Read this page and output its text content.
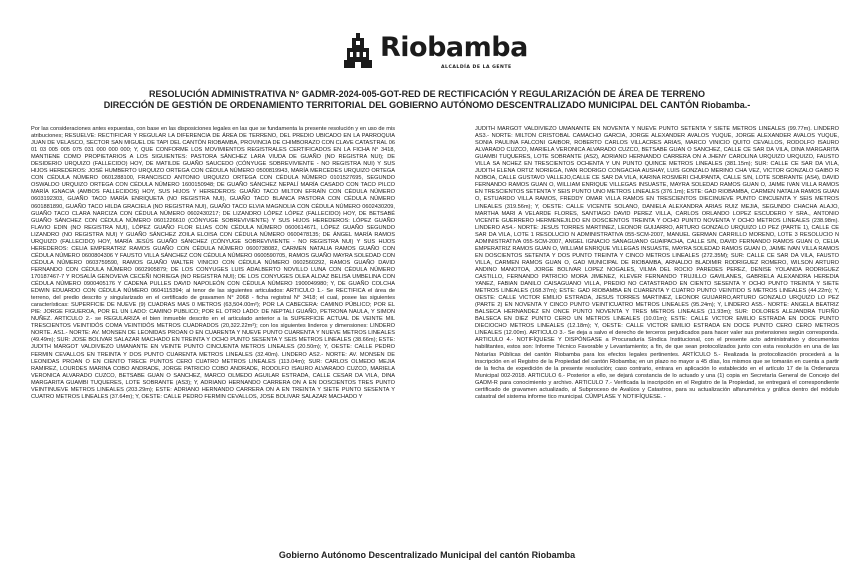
Riobamba
ALCALDÍA DE LA GENTE
RESOLUCIÓN ADMINISTRATIVA N° GADMR-2024-005-GOT-RED DE RECTIFICACIÓN Y REGULARIZACIÓN DE ÁREA DE TERRENO
DIRECCIÓN DE GESTIÓN DE ORDENAMIENTO TERRITORIAL DEL GOBIERNO AUTÓNOMO DESCENTRALIZADO MUNICIPAL DEL CANTÓN Riobamba.-
Por las consideraciones antes expuestas, con base en las disposiciones legales en las que se fundamenta la presente resolución y en uso de mis atribuciones; RESUELVE: RECTIFICAR Y REGULAR LA DIFERENCIA DE ÁREA DE TERRENO, DEL PREDIO UBICADO EN LA PARROQUIA JUAN DE VELASCO, SECTOR SAN MIGUEL DE TAPI DEL CANTÓN RIOBAMBA, PROVINCIA DE CHIMBORAZO CON CLAVE CATASTRAL 06 01 03 005 005 075 031 000 000 000; Y, QUE CONFORME LOS MOVIMIENTOS REGISTRALES CERTIFICADOS EN LA FICHA N° 3418, MANTIENE COMO PROPIETARIOS A LOS SIGUIENTES: PASTORA SÁNCHEZ LARA VIUDA DE GUAÑO (NO REGISTRA NUI); DE DESIDERIO URQUIZO (FALLECIDO) HOY, DE MATILDE GUAÑO SAUCEDO (CÓNYUGE SOBREVIVIENTE - NO REGISTRA NUI) Y SUS HIJOS HEREDEROS: JOSÉ HUMBERTO URQUIZO ORTEGA CON CÉDULA NÚMERO 0500819943, MARÍA MERCEDES URQUIZO ORTEGA CON CÉDULA NÚMERO 0601288100, FRANCISCO ANTONIO URQUIZO ORTEGA CON CÉDULA NÚMERO 0101527695, SEGUNDO OSWALDO URQUIZO ORTEGA CON CÉDULA NÚMERO 1600150948; DE GUAÑO SÁNCHEZ NEPALÍ MARÍA CASADO CON TACO PILCO MARÍA IGNACIA (AMBOS FALLECIDOS) HOY, SUS HIJOS Y HEREDEROS: GUAÑO TACO MILTON EFRAÍN CON CÉDULA NÚMERO 0603192303, GUAÑO TACO MARÍA ENRIQUETA (NO REGISTRA NUI), GUAÑO TACO BLANCA PASTORA CON CÉDULA NÚMERO 0601881890, GUAÑO TACO HILDA GRACIELA (NO REGISTRA NUI), GUAÑO TACO ELVIA MAGNOLIA CON CÉDULA NÚMERO 0602430209, GUAÑO TACO CLARA NARCIZA CON CÉDULA NÚMERO 0602430217; DE LIZANDRO LÓPEZ LÓPEZ (FALLECIDO) HOY, DE BETSABÉ GUAÑO SÁNCHEZ CON CÉDULA NÚMERO 0601226610 (CÓNYUGE SOBREVIVIENTE) Y SUS HIJOS HEREDEROS: LÓPEZ GUAÑO FLAVIO EDIN (NO REGISTRA NUI), LÓPEZ GUAÑO FLOR ELIAS CON CÉDULA NÚMERO 0600614671, LÓPEZ GUAÑO SEGUNDO LIZANDRO (NO REGISTRA NUI) Y GUAÑO SÁNCHEZ ZOILA ELOISA CON CÉDULA NÚMERO 0600478135; DE ÁNGEL MARÍA RAMOS URQUIZO (FALLECIDO) HOY, MARÍA JESÚS GUAÑO SÁNCHEZ (CÓNYUGE SOBREVIVIENTE - NO REGISTRA NUI) Y SUS HIJOS HEREDEROS: CELIA EMPERATRIZ RAMOS GUAÑO CON CÉDULA NÚMERO 0600738082, CARMEN NATALIA RAMOS GUAÑO CON CÉDULA NÚMERO 0600804306 Y FAUSTO VILLA SÁNCHEZ CON CÉDULA NÚMERO 0600590705, RAMOS GUAÑO MAYRA SOLEDAD CON CÉDULA NÚMERO 0603759590, RAMOS GUAÑO WALTER VINICIO CON CÉDULA NÚMERO 0602560292, RAMOS GUAÑO DAVID FERNANDO CON CÉDULA NÚMERO 0602905879; DE LOS CONYUGES LUIS ADALBERTO NOVILLO LUNA CON CÉDULA NÚMERO 170187467-7 Y ROSALÍA GENOVEVA CECEÑI NORIEGA (NO REGISTRA NUI); DE LOS CONYUGES OLEA ALDAZ BELISA UMBELINA CON CÉDULA NÚMERO 0900405176 Y CADENA PULLES DAVID NAPOLEÓN CON CÉDULA NÚMERO 1900049980; Y, DE GUAÑO COLCHA EDWIN EDUARDO CON CÉDULA NÚMERO 0604115394; al tenor de las siguientes articulados: ARTICULO 1.- Se RECTIFICA el área de terreno, del predio descrito y singularizado en el certificado de gravamen N° 2068 - ficha registral N° 3418; el cual, posee las siguientes características: SUPERFICIE DE NUEVE (9) CUADRAS MAS 0 METROS (63,504.00m²); POR LA CABECERA: CAMINO PÚBLICO; POR EL PIE: JORGE FIGUEROA, POR EL UN LADO: CAMINO PUBLICO; POR EL OTRO LADO: DE NEPTALI GUAÑO, PETRONA NAULA, Y SIMON NUÑEZ. ARTICULO 2.- se REGULARIZA el bien inmueble descrito en el articulado anterior a la SUPERFICIE ACTUAL DE VEINTE MIL TRESCIENTOS VEINTIDÓS COMA VEINTIDÓS METROS CUADRADOS (20,322.22m²); con los siguientes linderos y dimensiones: LINDERO NORTE. AS1.- NORTE: AV. MONSEN DE LEONIDAS PROAN O EN CUARENTA Y NUEVE PUNTO CUARENTA Y NUEVE METROS LINEALES (49.49m); SUR: JOSE BOLIVAR SALAZAR MACHADO EN TREINTA Y OCHO PUNTO SESENTA Y SEIS METROS LINEALES (38.66m); ESTE: JUDITH MARGOT VALDIVIEZO UMANANTE EN VEINTE PUNTO CINCUENTA METROS LINEALES (20.50m); Y, OESTE: CALLE PEDRO FERMIN CEVALLOS EN TREINTA Y DOS PUNTO CUARENTA METROS LINEALES (32.40m). LINDERO AS2.- NORTE: AV. MONSEN DE LEONIDAS PROAN O EN CIENTO TRECE PUNTOS CERO CUATRO METROS LINEALES (113.04m); SUR: CARLOS OLMEDO MEJIA RAMIREZ, LOURDES MARINA COBO ANDRADE, JORGE PATRICIO COBO ANDRADE, RODOLFO ISAURO ALVARADO CUZCO, MARIELA VERONICA ALVARADO CUZCO, BETSABE GUAN O SANCHEZ, MARCO OLMEDO AGUILAR ESTRADA, CALLE CESAR DA VILA, DINA MARGARITA GUAMBI TUQUERES, LOTE SOBRANTE (AS3); Y, ADRIANO HERNANDO CARRERA ON A EN DOSCIENTOS TRES PUNTO VEINTINUEVE METROS LINEALES (203.29m); ESTE: ADRIANO HERNANDO CARRERA ON A EN TREINTA Y SIETE PUNTO SESENTA Y CUATRO METROS LINEALES (37.64m); Y, OESTE: CALLE PEDRO FERMIN CEVALLOS, JOSE BOLIVAR SALAZAR MACHADO Y
JUDITH MARGOT VALDIVIEZO UMANANTE EN NOVENTA Y NUEVE PUNTO SETENTA Y SIETE METROS LINEALES (99.77m). LINDERO AS3.- NORTE: MILTON CRISTOBAL CAMACHO GARCIA, JORGE ALEXANDER AVALOS YUQUE, JORGE ALEXANDER AVALOS YUQUE, SONIA PAULINA FALCONI GAIBOR, ROBERTO CARLOS VILLACRES ARIAS, MARCO VINICIO QUITO CEVALLOS, RODOLFO ISAURO ALVARADO CUZCO, MARIELA VERONICA ALVARADO CUZCO, BETSABE GUAN O SANCHEZ, CALLE CE SAR DA VILA, DINA MARGARITA GUAMBI TUQUERES, LOTE SOBRANTE (AS2), ADRIANO HERNANDO CARRERA ON A JHENY CAROLINA URQUIZO URQUIZO, FAUSTO VILLA SA NCHEZ EN TRESCIENTOS OCHENTA Y UN PUNTO QUINCE METROS LINEALES (381.15m); SUR: CALLE CE SAR DA VILA, JUDITH ELENA ORTIZ NORIEGA, IVAN RODRIGO CONGACHA AUSHAY, LUIS GONZALO MERINO CHA VEZ, VICTOR GONZALO GAIBO R NOBOA, CALLE GUSTAVO VALLEJO,CALLE CE SAR DA VILA, KARINA ROSMERI CHUPANTA, CALLE S/N, LOTE SOBRANTE (AS4), DAVID FERNANDO RAMOS GUAN O, WILLIAM ENRIQUE VILLEGAS INSUASTE, MAYRA SOLEDAD RAMOS GUAN O, JAIME IVAN VILLA RAMOS EN TRESCIENTOS SETENTA Y SEIS PUNTO UNO METROS LINEALES (376.1m); ESTE: GAD RIOBAMBA, CARMEN NATALIA RAMOS GUAN O, ESTUARDO VILLA RAMOS, FREDDY OMAR VILLA RAMOS EN TRESCIENTOS DIECINUEVE PUNTO CINCUENTA Y SEIS METROS LINEALES (319.56m); Y, OESTE: CALLE VICENTE SOLANO, DANIELA ALEXANDRA ARIAS RUIZ MEJIA, SEGUNDO CHACHA ALAJO, MARTHA MARI A VELARDE FLORES, SANTIAGO DAVID PEREZ VILLA, CARLOS ORLANDO LOPEZ ESCUDERO Y SRA., ANTONIO VICENTE GUERRERO HERMENEJILDO EN DOSCIENTOS TREINTA Y OCHO PUNTO NOVENTA Y OCHO METROS LINEALES (238.98m). LINDERO AS4.- NORTE: JESUS TORRES MARTINEZ, LEONOR GUIJARRO, ARTURO GONZALO URQUIZO LO PEZ (PARTE 1), CALLE CE SAR DA VILA, LOTE 1 RESOLUCIO N ADMINISTRATIVA 055-SCM-2007, MANUEL GERMAN CARRILLO MORENO, LOTE 3 RESOLUCIO N ADMINISTRATIVA 055-SCM-2007, ANGEL IGNACIO SANAGUANO GUAIPACHA, CALLE S/N, DAVID FERNANDO RAMOS GUAN O, CELIA EMPERATRIZ RAMOS GUAN O, WILLIAM ENRIQUE VILLEGAS INSUASTE, MAYRA SOLEDAD RAMOS GUAN O, JAIME IVAN VILLA RAMOS EN DOSCIENTOS SETENTA Y DOS PUNTO TREINTA Y CINCO METROS LINEALES (272.35M); SUR: CALLE CE SAR DA VILA, FAUSTO VILLA, CARMEN RAMOS GUAN O, GAD MUNICIPAL DE RIOBAMBA, ARNALDO BLADIMIR RODRIGUEZ ROMERO, WILSON ARTURO ANDINO MANOTOA, JORGE BOLIVAR LOPEZ NOGALES, VILMA DEL ROCIO PAREDES PEREZ, DENISE YOLANDA RODRIGUEZ CASTILLO, FERNANDO PATRICIO MORA JIMENEZ, KLEVER FERNANDO TRUJILLO GAVILANES, GABRIELA ALEXANDRA HEREDIA YANEZ, FABIAN DANILO CAISAGUANO VILLA, PREDIO NO CATASTRADO EN CIENTO SESENTA Y OCHO PUNTO TREINTA Y SIETE METROS LINEALES (168.37m); ESTE: GAD RIOBAMBA EN CUARENTA Y CUATRO PUNTO VEINTIDO S METROS LINEALES (44.22m); Y, OESTE: CALLE VICTOR EMILIO ESTRADA, JESUS TORRES MARTINEZ, LEONOR GUIJARRO,ARTURO GONZALO URQUIZO LO PEZ (PARTE 2) EN NOVENTA Y CINCO PUNTO VEINTICUATRO METROS LINEALES (95.24m); Y, LINDERO AS5.- NORTE: ANGELA BEATRIZ BALSECA HERNANDEZ EN ONCE PUNTO NOVENTA Y TRES METROS LINEALES (11.93m); SUR: DOLORES ALEJANDRA TUFIÑO BALSECA EN DIEZ PUNTO CERO UN METROS LINEALES (10.01m); ESTE: CALLE VICTOR EMILIO ESTRADA EN DOCE PUNTO DIECIOCHO METROS LINEALES (12.18m); Y, OESTE: CALLE VICTOR EMILIO ESTRADA EN DOCE PUNTO CERO CERO METROS LINEALES (12.00m). ARTICULO 3.- Se deja a salvo el derecho de terceros perjudicados para hacer valer sus pretensiones según corresponda. ARTICULO 4.- NOTIFÍQUESE Y DISPÓNGASE a Procuraduría Síndica Institucional, con el presente acto administrativo y documentos habilitantes, estos son: Informe Técnico Favorable y Levantamiento; a fin, de que sean protocolizados junto con esta resolución en una de las Notarías Públicas del cantón Riobamba para los efectos legales pertinentes. ARTÍCULO 5.- Realizada la protocolización procederá a la inscripción en el Registro de la Propiedad del cantón Riobamba; en un plazo no mayor a 45 días, los mismos que se tomarán en cuenta a partir de la fecha de expedición de la presente resolución; caso contrario, entrara en aplicación lo establecido en el artículo 17 de la Ordenanza Municipal 002-2018. ARTICULO 6.- Posterior a ello, se dejará constancia de lo actuado y una (1) copia en Secretaría General de Concejo del GADM-R para conocimiento y archivo. ARTICULO 7.- Verificada la inscripción en el Registro de la Propiedad, se entregará el correspondiente certificado de gravamen actualizado, al Subproceso de Avalúos y Catastros, para su actualización alfanumérica y gráfica dentro del módulo catastral del sistema informe tico municipal. CÚMPLASE Y NOTIFÍQUESE. -
Gobierno Autónomo Descentralizado Municipal del cantón Riobamba
